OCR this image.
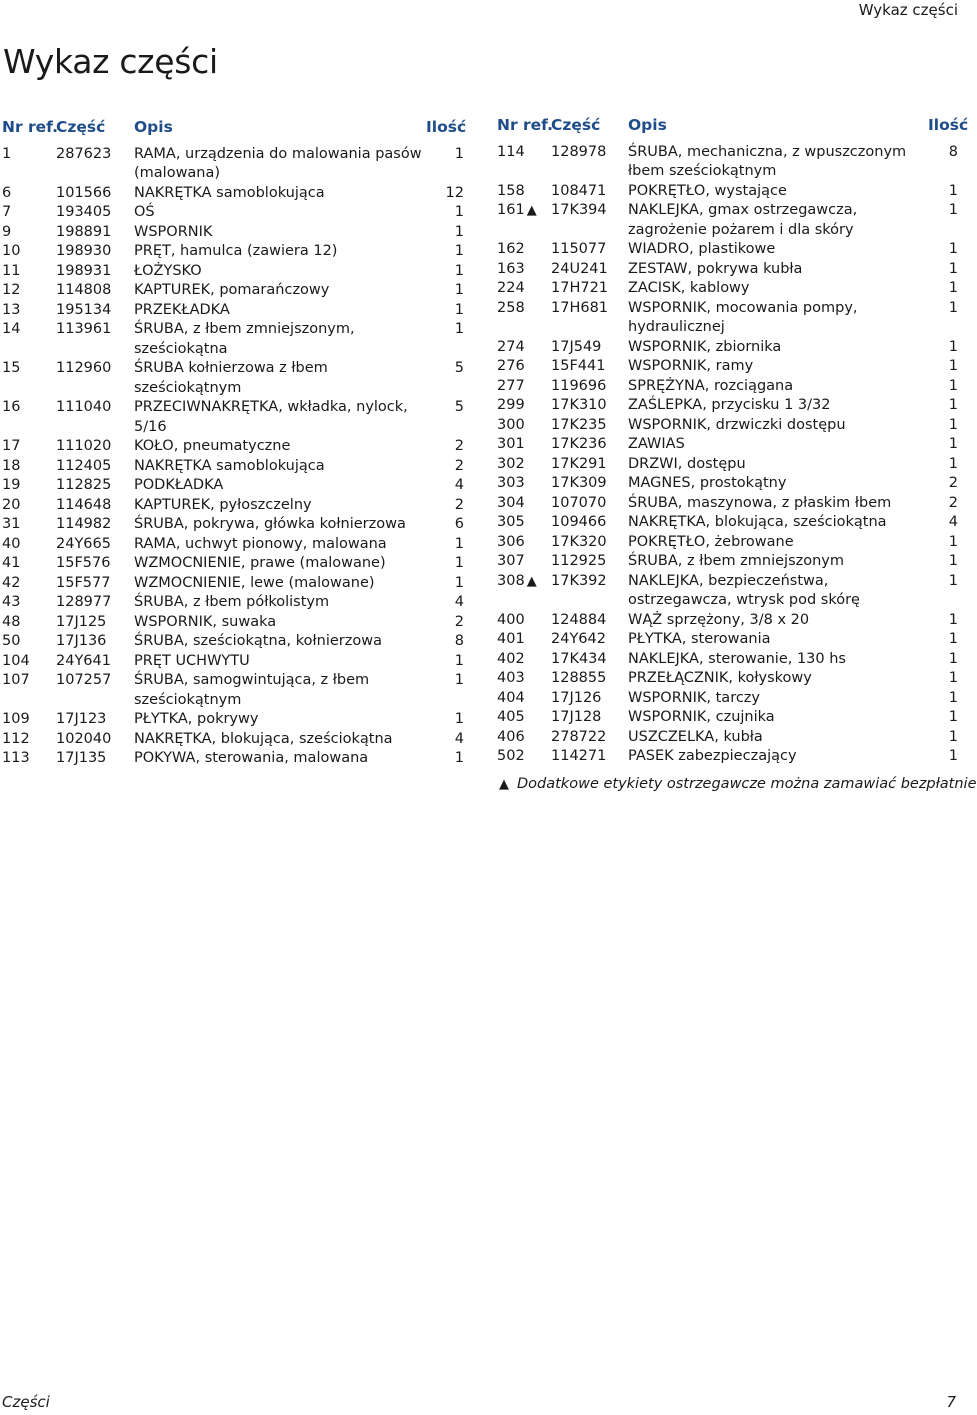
Wykaz części
Wykaz części
Nr ref.	Część	Opis	Ilość
1	287623	RAMA, urządzenia do malowania pasów (malowana)	1
6	101566	NAKRĘTKA samoblokująca	12
7	193405	OŚ	1
9	198891	WSPORNIK	1
10	198930	PRĘT, hamulca (zawiera 12)	1
11	198931	ŁOŻYSKO	1
12	114808	KAPTUREK, pomarańczowy	1
13	195134	PRZEKŁADKA	1
14	113961	ŚRUBA, z łbem zmniejszonym, sześciokątna	1
15	112960	ŚRUBA kołnierzowa z łbem sześciokątnym	5
16	111040	PRZECIWNAKRĘTKA, wkładka, nylock, 5/16	5
17	111020	KOŁO, pneumatyczne	2
18	112405	NAKRĘTKA samoblokująca	2
19	112825	PODKŁADKA	4
20	114648	KAPTUREK, pyłoszczelny	2
31	114982	ŚRUBA, pokrywa, główka kołnierzowa	6
40	24Y665	RAMA, uchwyt pionowy, malowana	1
41	15F576	WZMOCNIENIE, prawe (malowane)	1
42	15F577	WZMOCNIENIE, lewe (malowane)	1
43	128977	ŚRUBA, z łbem półkolistym	4
48	17J125	WSPORNIK, suwaka	2
50	17J136	ŚRUBA, sześciokątna, kołnierzowa	8
104	24Y641	PRĘT UCHWYTU	1
107	107257	ŚRUBA, samogwintująca, z łbem sześciokątnym	1
109	17J123	PŁYTKA, pokrywy	1
112	102040	NAKRĘTKA, blokująca, sześciokątna	4
113	17J135	POKYWA, sterowania, malowana	1
Nr ref.	Część	Opis	Ilość
114	128978	ŚRUBA, mechaniczna, z wpuszczonym łbem sześciokątnym	8
158	108471	POKRĘTŁO, wystające	1
161 ▲	17K394	NAKLEJKA, gmax ostrzegawcza, zagrożenie pożarem i dla skóry	1
162	115077	WIADRO, plastikowe	1
163	24U241	ZESTAW, pokrywa kubła	1
224	17H721	ZACISK, kablowy	1
258	17H681	WSPORNIK, mocowania pompy, hydraulicznej	1
274	17J549	WSPORNIK, zbiornika	1
276	15F441	WSPORNIK, ramy	1
277	119696	SPRĘŻYNA, rozciągana	1
299	17K310	ZAŚLEPKA, przycisku 1 3/32	1
300	17K235	WSPORNIK, drzwiczki dostępu	1
301	17K236	ZAWIAS	1
302	17K291	DRZWI, dostępu	1
303	17K309	MAGNES, prostokątny	2
304	107070	ŚRUBA, maszynowa, z płaskim łbem	2
305	109466	NAKRĘTKA, blokująca, sześciokątna	4
306	17K320	POKRĘTŁO, żebrowane	1
307	112925	ŚRUBA, z łbem zmniejszonym	1
308 ▲	17K392	NAKLEJKA, bezpieczeństwa, ostrzegawcza, wtrysk pod skórę	1
400	124884	WĄŻ sprzężony, 3/8 x 20	1
401	24Y642	PŁYTKA, sterowania	1
402	17K434	NAKLEJKA, sterowanie, 130 hs	1
403	128855	PRZEŁĄCZNIK, kołyskowy	1
404	17J126	WSPORNIK, tarczy	1
405	17J128	WSPORNIK, czujnika	1
406	278722	USZCZELKA, kubła	1
502	114271	PASEK zabezpieczający	1
▲ Dodatkowe etykiety ostrzegawcze można zamawiać bezpłatnie
Części	7
